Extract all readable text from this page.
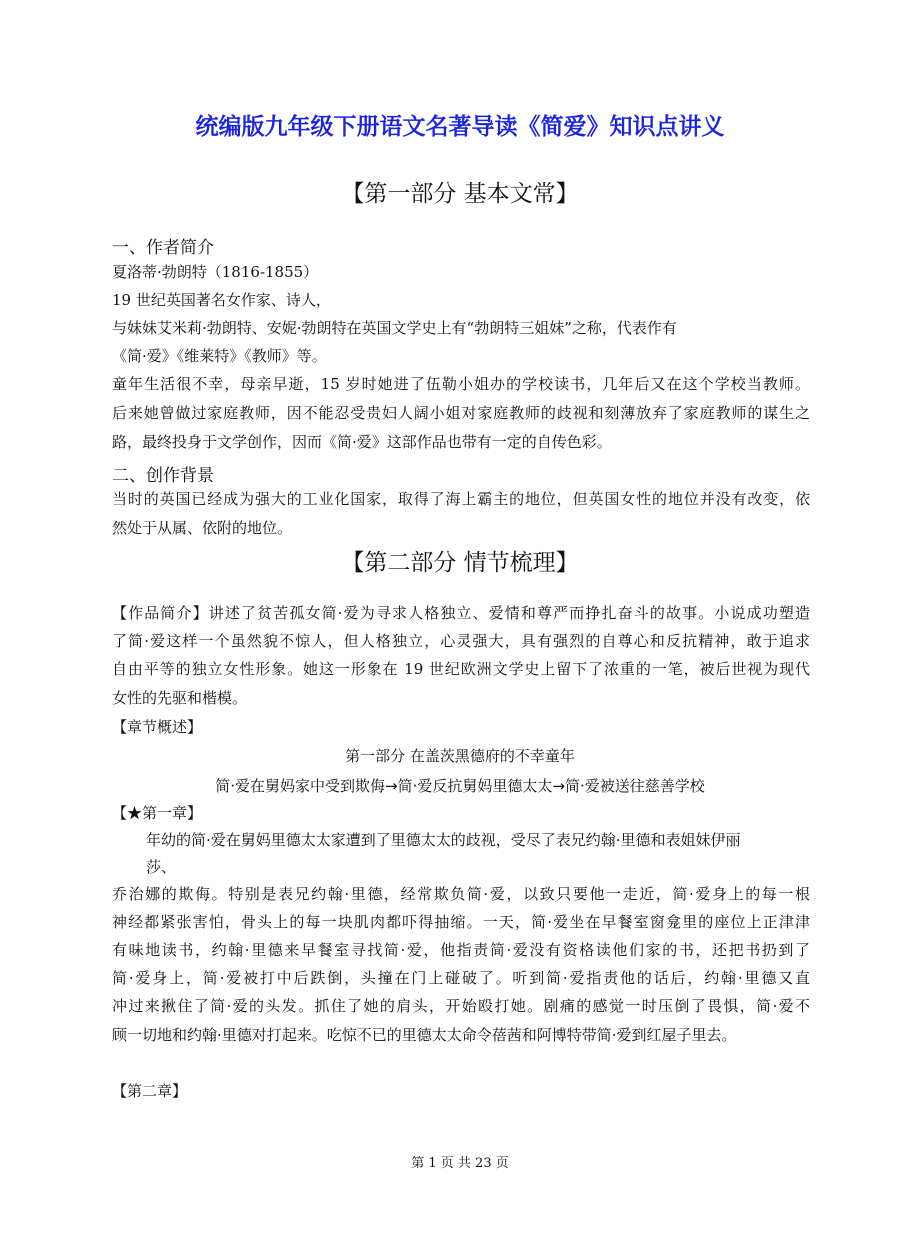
统编版九年级下册语文名著导读《简爱》知识点讲义
【第一部分 基本文常】
一、作者简介
夏洛蒂·勃朗特（1816-1855）
19 世纪英国著名女作家、诗人，
与妹妹艾米莉·勃朗特、安妮·勃朗特在英国文学史上有“勃朗特三姐妹”之称，代表作有
《简·爱》《维莱特》《教师》等。
童年生活很不幸，母亲早逝，15 岁时她进了伍勒小姐办的学校读书，几年后又在这个学校当教师。
后来她曾做过家庭教师，因不能忍受贵妇人阔小姐对家庭教师的歧视和刻薄放弃了家庭教师的谋生之
路，最终投身于文学创作，因而《简·爱》这部作品也带有一定的自传色彩。
二、创作背景
当时的英国已经成为强大的工业化国家，取得了海上霸主的地位，但英国女性的地位并没有改变，依
然处于从属、依附的地位。
【第二部分 情节梳理】
【作品简介】讲述了贫苦孤女简·爱为寻求人格独立、爱情和尊严而挣扎奋斗的故事。小说成功塑造
了简·爱这样一个虽然貌不惊人，但人格独立，心灵强大，具有强烈的自尊心和反抗精神，敢于追求
自由平等的独立女性形象。她这一形象在 19 世纪欧洲文学史上留下了浓重的一笔，被后世视为现代
女性的先驱和楷模。
【章节概述】
第一部分 在盖茨黑德府的不幸童年
简·爱在舅妈家中受到欺侮→简·爱反抗舅妈里德太太→简·爱被送往慈善学校
【★第一章】
年幼的简·爱在舅妈里德太太家遭到了里德太太的歧视，受尽了表兄约翰·里德和表姐妹伊丽
莎、
乔治娜的欺侮。特别是表兄约翰·里德，经常欺负简·爱，以致只要他一走近，简·爱身上的每一根
神经都紧张害怕，骨头上的每一块肌肉都吓得抽缩。一天，简·爱坐在早餐室窗龛里的座位上正津津
有味地读书，约翰·里德来早餐室寻找简·爱，他指责简·爱没有资格读他们家的书，还把书扔到了
简·爱身上，简·爱被打中后跌倒，头撞在门上碰破了。听到简·爱指责他的话后，约翰·里德又直
冲过来揪住了简·爱的头发。抓住了她的肩头，开始殴打她。剧痛的感觉一时压倒了畏惧，简·爱不
顾一切地和约翰·里德对打起来。吃惊不已的里德太太命令蓓茜和阿博特带简·爱到红屋子里去。
【第二章】
第 1 页 共 23 页
